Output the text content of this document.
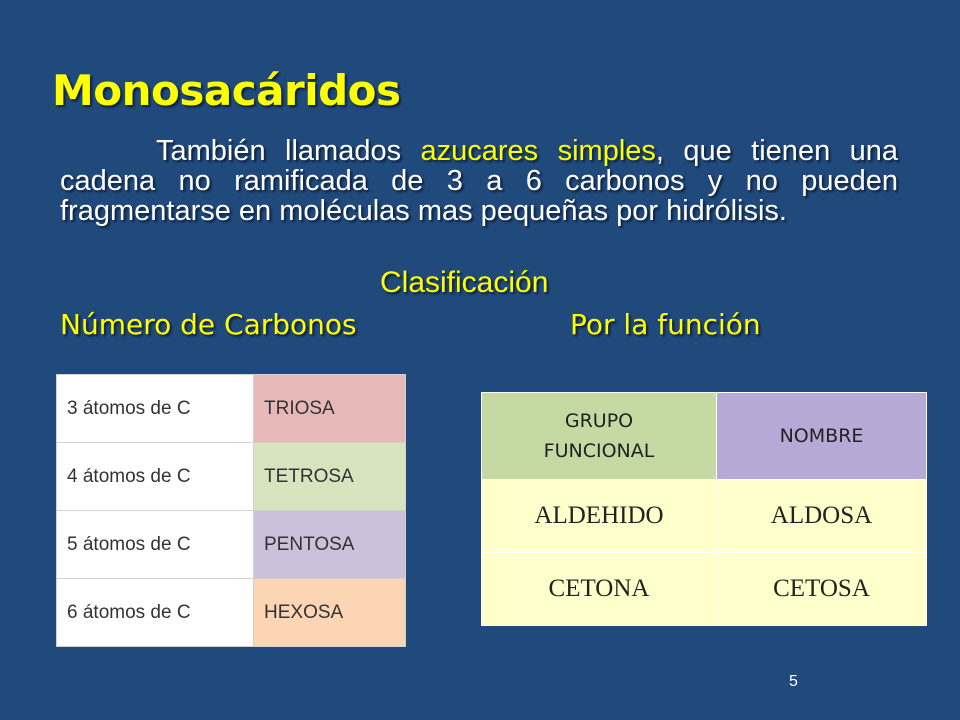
Monosacáridos
También llamados azucares simples, que tienen una cadena no ramificada de 3 a 6 carbonos y no pueden fragmentarse en moléculas mas pequeñas por hidrólisis.
Clasificación
Número de Carbonos	Por la función
3 átomos de C	TRIOSA
4 átomos de C	TETROSA
5 átomos de C	PENTOSA
6 átomos de C	HEXOSA
GRUPO
FUNCIONAL	NOMBRE
ALDEHIDO	ALDOSA
CETONA	CETOSA
5
